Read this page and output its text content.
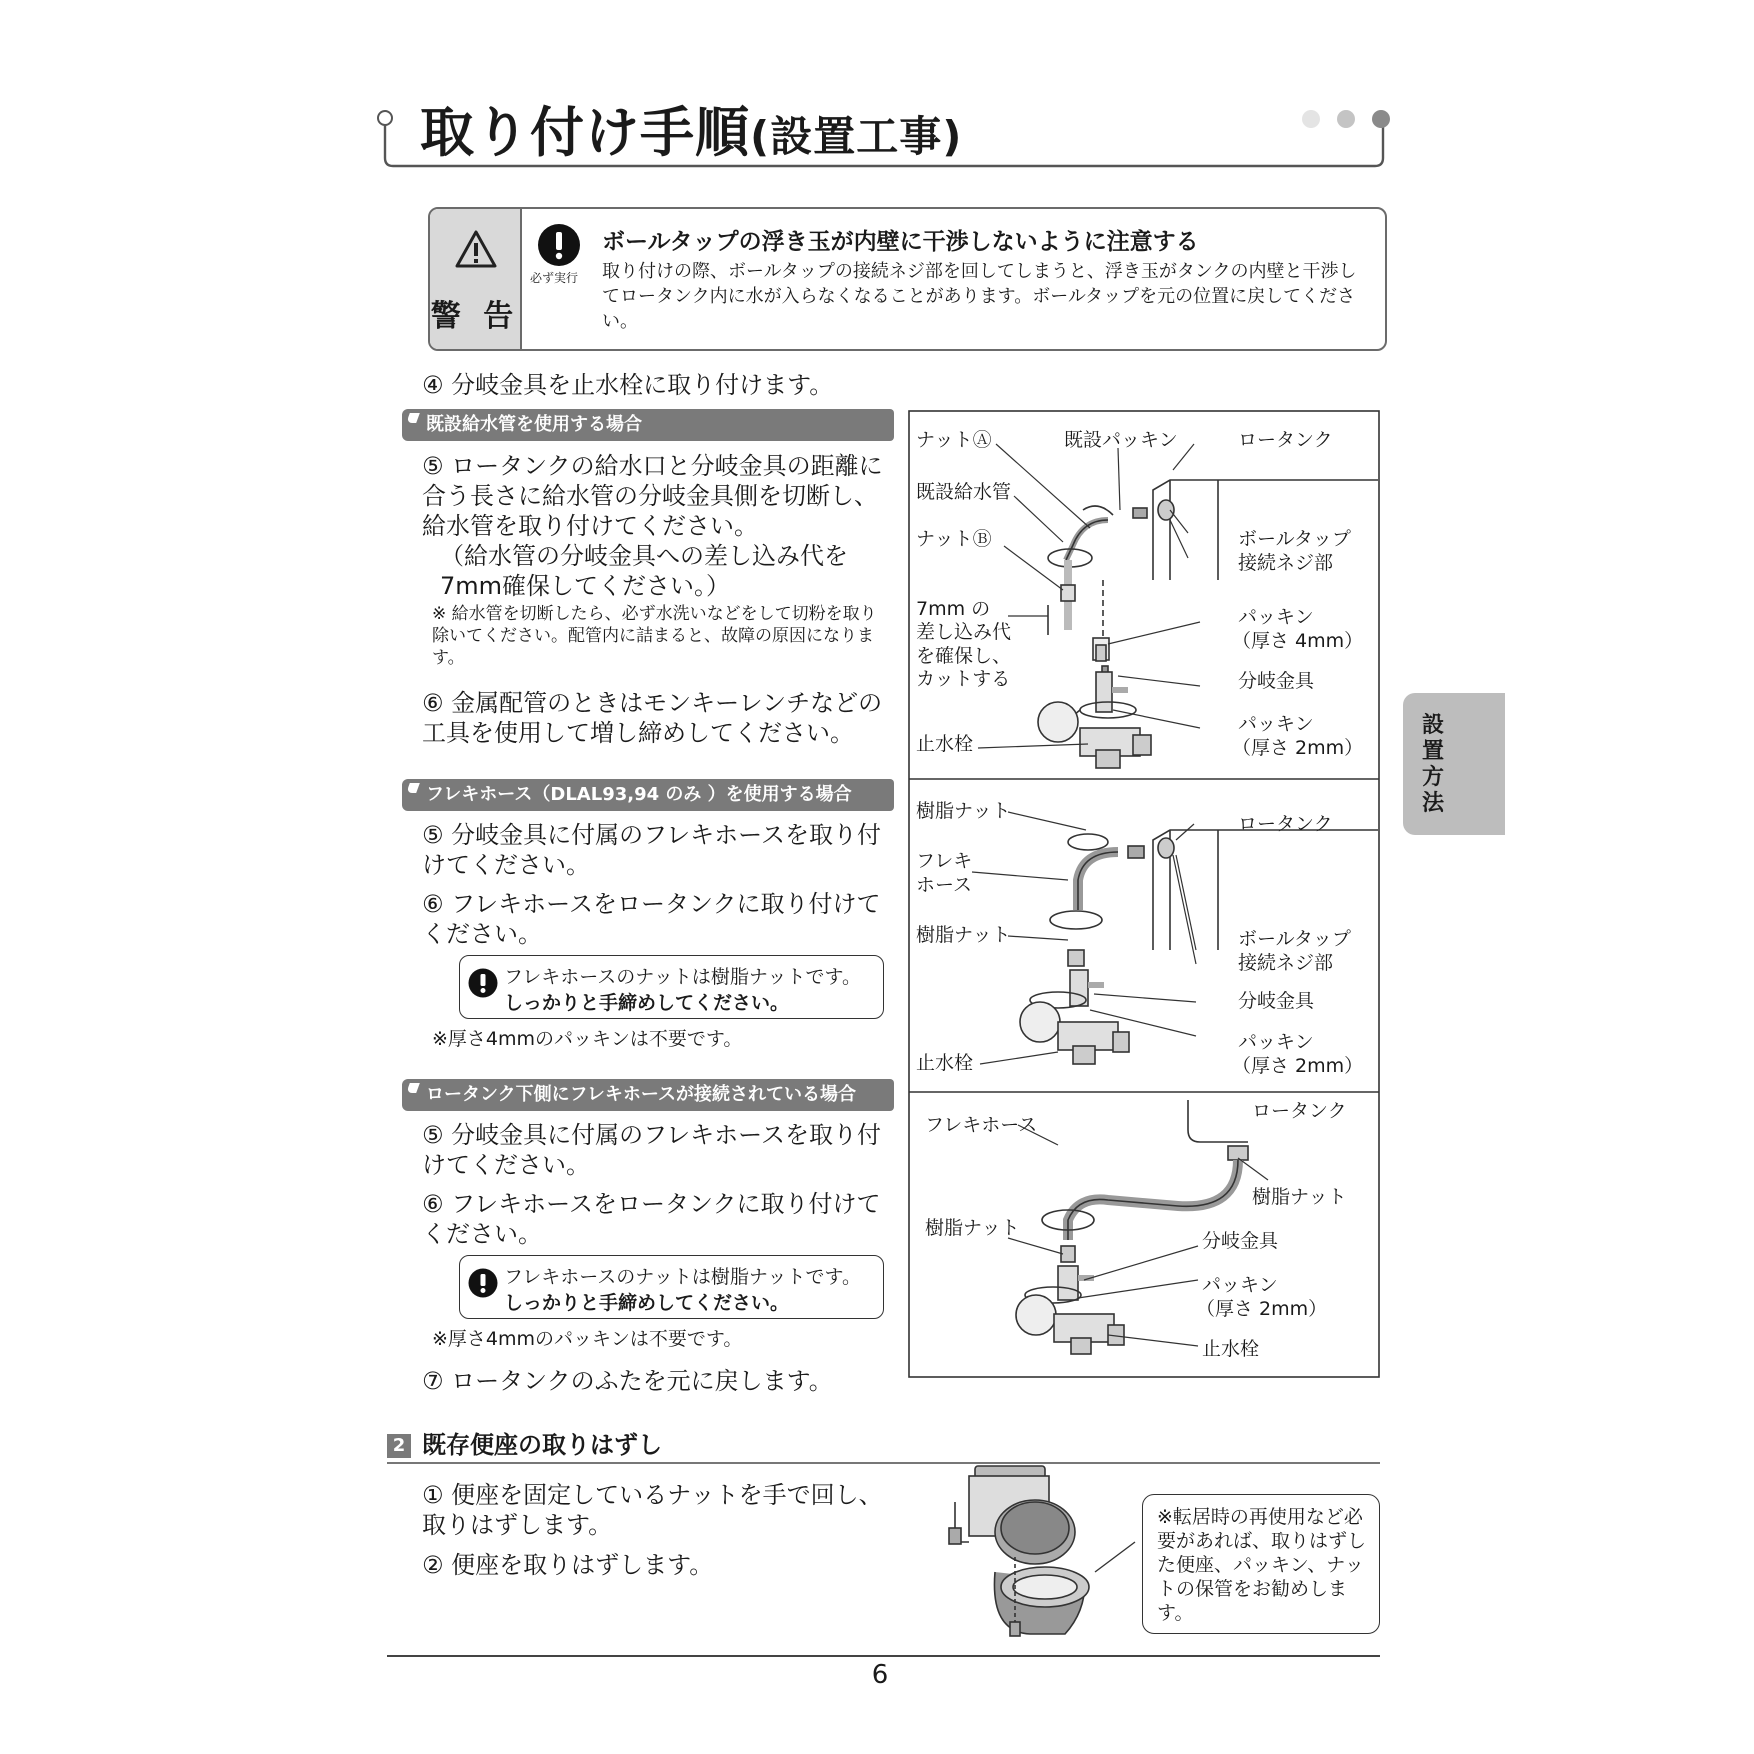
取り付け手順(設置工事)
警 告
必ず実行
ボールタップの浮き玉が内壁に干渉しないように注意する
取り付けの際、ボールタップの接続ネジ部を回してしまうと、浮き玉がタンクの内壁と干渉してロータンク内に水が入らなくなることがあります。ボールタップを元の位置に戻してください。
④ 分岐金具を止水栓に取り付けます。
既設給水管を使用する場合
⑤ ロータンクの給水口と分岐金具の距離に合う長さに給水管の分岐金具側を切断し、給水管を取り付けてください。
（給水管の分岐金具への差し込み代を7mm確保してください。）
※ 給水管を切断したら、必ず水洗いなどをして切粉を取り除いてください。配管内に詰まると、故障の原因になります。
⑥ 金属配管のときはモンキーレンチなどの工具を使用して増し締めしてください。
フレキホース（DLAL93,94 のみ ）を使用する場合
⑤ 分岐金具に付属のフレキホースを取り付けてください。
⑥ フレキホースをロータンクに取り付けてください。
フレキホースのナットは樹脂ナットです。
しっかりと手締めしてください。
※厚さ4mmのパッキンは不要です。
ロータンク下側にフレキホースが接続されている場合
⑤ 分岐金具に付属のフレキホースを取り付けてください。
⑥ フレキホースをロータンクに取り付けてください。
フレキホースのナットは樹脂ナットです。
しっかりと手締めしてください。
※厚さ4mmのパッキンは不要です。
⑦ ロータンクのふたを元に戻します。
ナットⒶ	既設パッキン	ロータンク
既設給水管
ナットⒷ	ボールタップ
接続ネジ部
7mm の
差し込み代
を確保し、
カットする
パッキン
（厚さ 4mm）
分岐金具
パッキン
（厚さ 2mm）
止水栓
樹脂ナット
ロータンク
フレキ
ホース
樹脂ナット	ボールタップ
接続ネジ部
分岐金具
パッキン
（厚さ 2mm）
止水栓
フレキホース
ロータンク
樹脂ナット
樹脂ナット
分岐金具
パッキン
（厚さ 2mm）
止水栓
設
置
方
法
2 既存便座の取りはずし
① 便座を固定しているナットを手で回し、取りはずします。
② 便座を取りはずします。
※転居時の再使用など必要があれば、取りはずした便座、パッキン、ナットの保管をお勧めします。
6
